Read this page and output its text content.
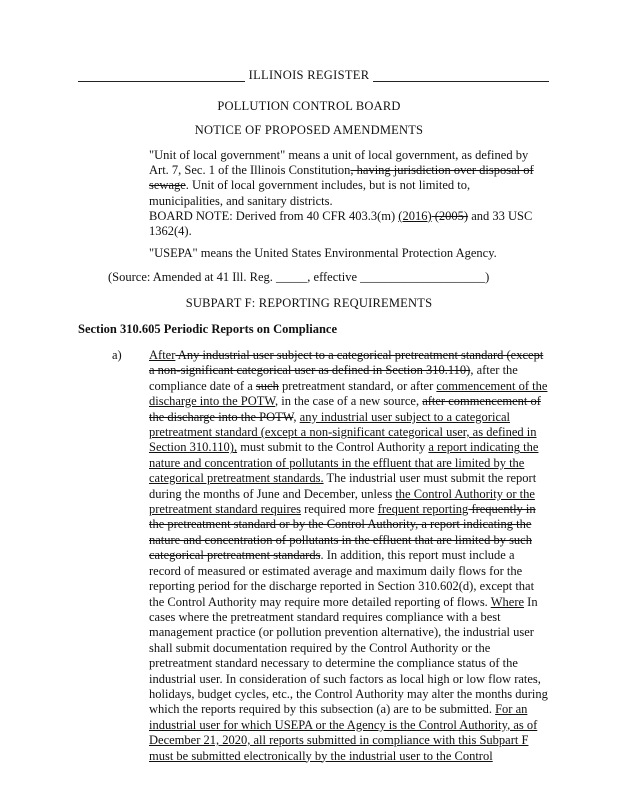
ILLINOIS REGISTER
POLLUTION CONTROL BOARD
NOTICE OF PROPOSED AMENDMENTS
"Unit of local government" means a unit of local government, as defined by Art. 7, Sec. 1 of the Illinois Constitution, having jurisdiction over disposal of sewage. Unit of local government includes, but is not limited to, municipalities, and sanitary districts.
BOARD NOTE: Derived from 40 CFR 403.3(m) (2016) (2005) and 33 USC 1362(4).
"USEPA" means the United States Environmental Protection Agency.
(Source: Amended at 41 Ill. Reg. _____, effective ____________________)
SUBPART F: REPORTING REQUIREMENTS
Section 310.605 Periodic Reports on Compliance
a) After Any industrial user subject to a categorical pretreatment standard (except a non-significant categorical user as defined in Section 310.110), after the compliance date of a such pretreatment standard, or after commencement of the discharge into the POTW, in the case of a new source, after commencement of the discharge into the POTW, any industrial user subject to a categorical pretreatment standard (except a non-significant categorical user, as defined in Section 310.110), must submit to the Control Authority a report indicating the nature and concentration of pollutants in the effluent that are limited by the categorical pretreatment standards. The industrial user must submit the report during the months of June and December, unless the Control Authority or the pretreatment standard requires required more frequent reporting frequently in the pretreatment standard or by the Control Authority, a report indicating the nature and concentration of pollutants in the effluent that are limited by such categorical pretreatment standards. In addition, this report must include a record of measured or estimated average and maximum daily flows for the reporting period for the discharge reported in Section 310.602(d), except that the Control Authority may require more detailed reporting of flows. Where In cases where the pretreatment standard requires compliance with a best management practice (or pollution prevention alternative), the industrial user shall submit documentation required by the Control Authority or the pretreatment standard necessary to determine the compliance status of the industrial user. In consideration of such factors as local high or low flow rates, holidays, budget cycles, etc., the Control Authority may alter the months during which the reports required by this subsection (a) are to be submitted. For an industrial user for which USEPA or the Agency is the Control Authority, as of December 21, 2020, all reports submitted in compliance with this Subpart F must be submitted electronically by the industrial user to the Control
